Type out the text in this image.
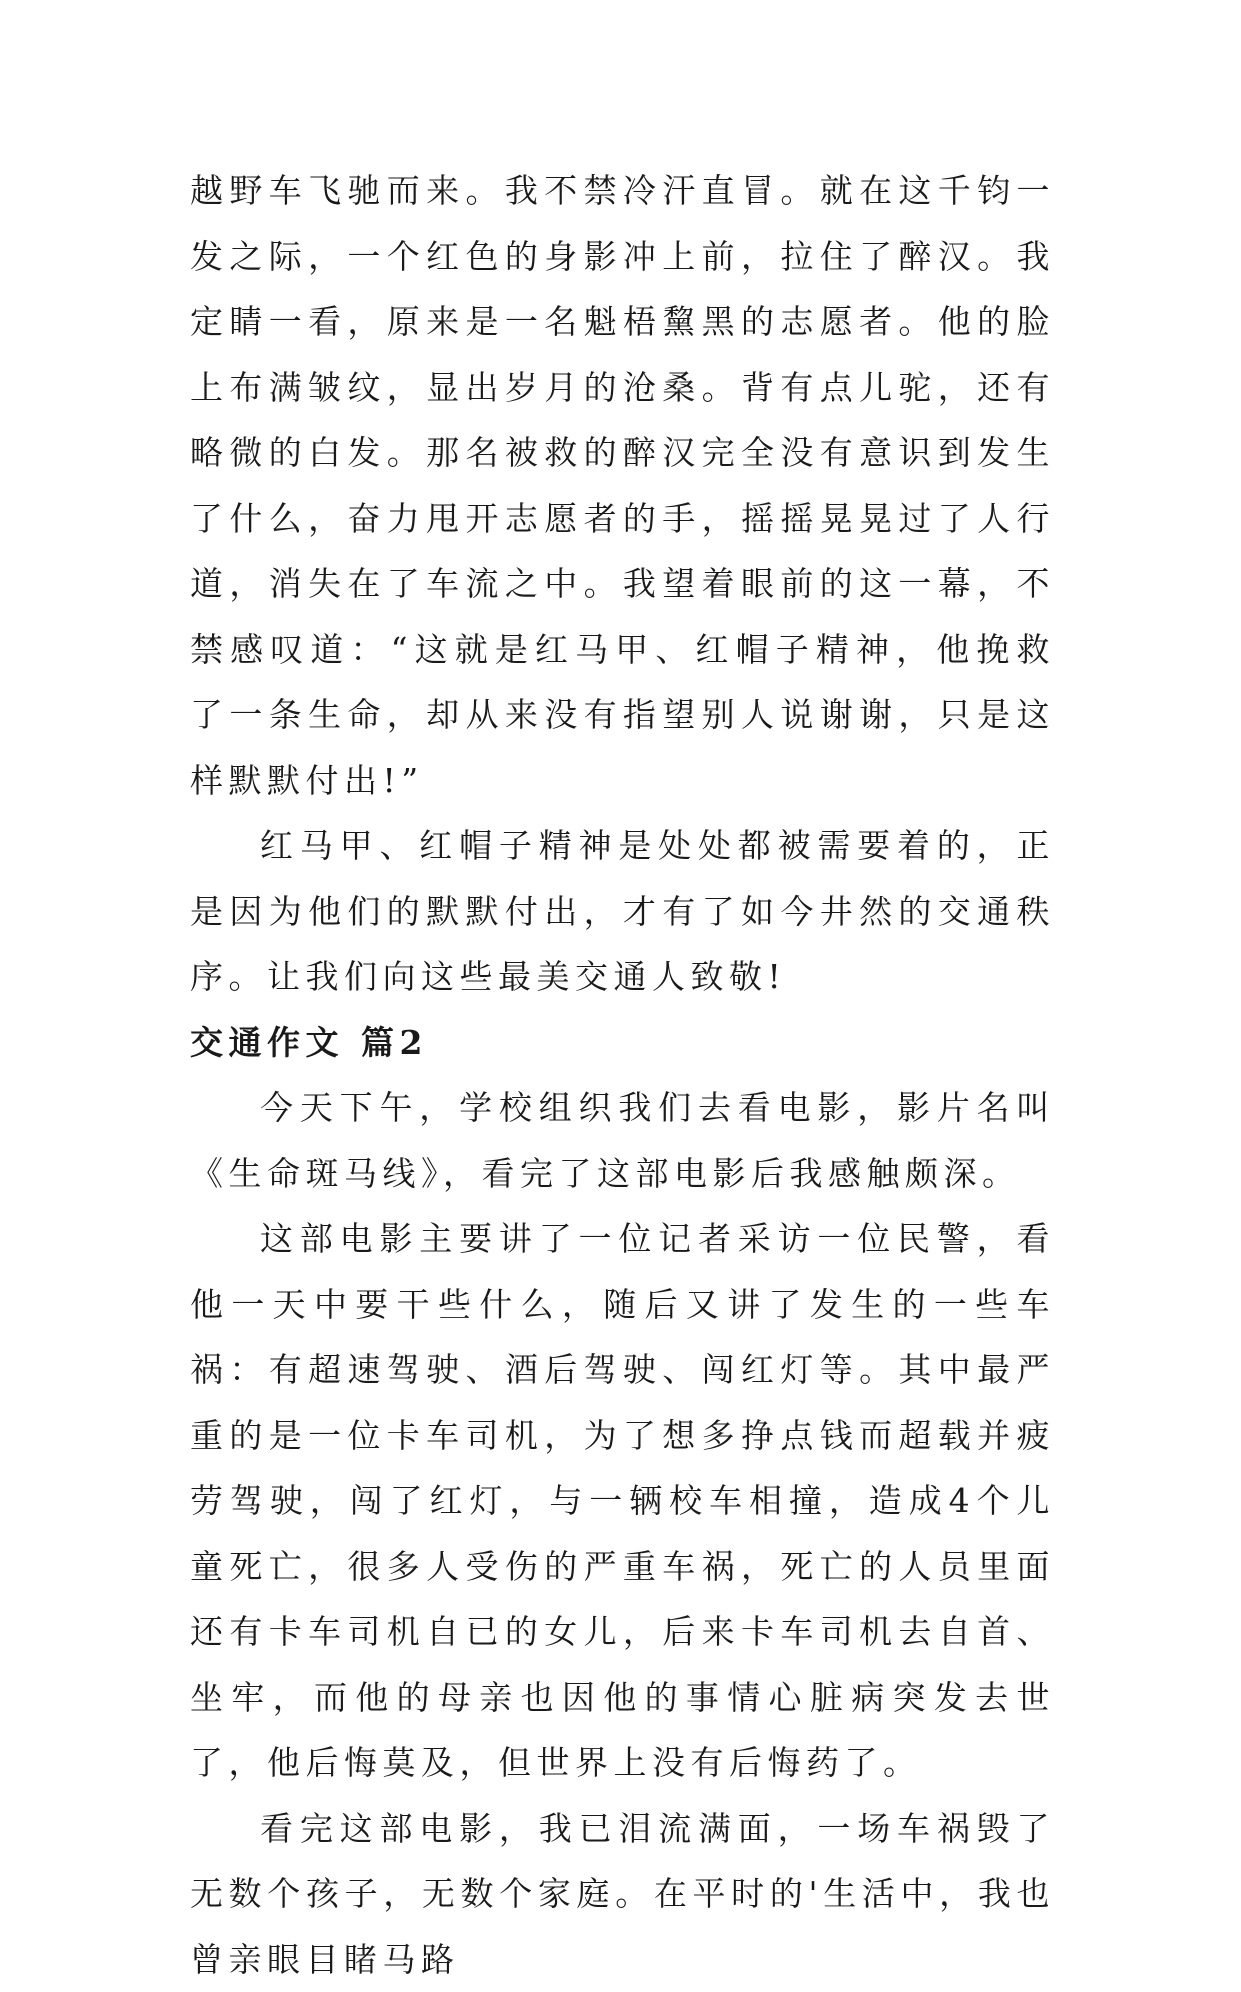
越野车飞驰而来。我不禁冷汗直冒。就在这千钧一发之际，一个红色的身影冲上前，拉住了醉汉。我定睛一看，原来是一名魁梧黧黑的志愿者。他的脸上布满皱纹，显出岁月的沧桑。背有点儿驼，还有略微的白发。那名被救的醉汉完全没有意识到发生了什么，奋力甩开志愿者的手，摇摇晃晃过了人行道，消失在了车流之中。我望着眼前的这一幕，不禁感叹道：“这就是红马甲、红帽子精神，他挽救了一条生命，却从来没有指望别人说谢谢，只是这样默默付出!”

红马甲、红帽子精神是处处都被需要着的，正是因为他们的默默付出，才有了如今井然的交通秩序。让我们向这些最美交通人致敬!

交通作文 篇2

今天下午，学校组织我们去看电影，影片名叫《生命斑马线》，看完了这部电影后我感触颇深。

这部电影主要讲了一位记者采访一位民警，看他一天中要干些什么，随后又讲了发生的一些车祸：有超速驾驶、酒后驾驶、闯红灯等。其中最严重的是一位卡车司机，为了想多挣点钱而超载并疲劳驾驶，闯了红灯，与一辆校车相撞，造成4个儿童死亡，很多人受伤的严重车祸，死亡的人员里面还有卡车司机自已的女儿，后来卡车司机去自首、坐牢，而他的母亲也因他的事情心脏病突发去世了，他后悔莫及，但世界上没有后悔药了。

看完这部电影，我已泪流满面，一场车祸毁了无数个孩子，无数个家庭。在平时的'生活中，我也曾亲眼目睹马路
